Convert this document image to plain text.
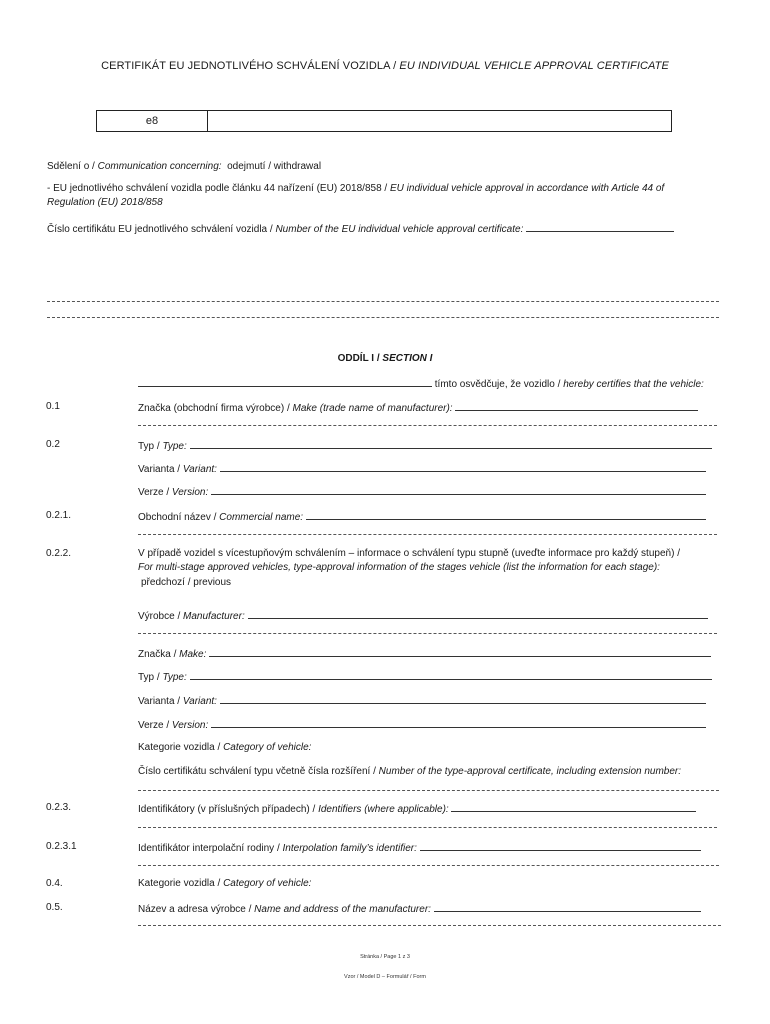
CERTIFIKÁT EU JEDNOTLIVÉHO SCHVÁLENÍ VOZIDLA / EU INDIVIDUAL VEHICLE APPROVAL CERTIFICATE
e8
Sdělení o / Communication concerning: odejmutí / withdrawal
- EU jednotlivého schválení vozidla podle článku 44 nařízení (EU) 2018/858 / EU individual vehicle approval in accordance with Article 44 of
Regulation (EU) 2018/858
Číslo certifikátu EU jednotlivého schválení vozidla / Number of the EU individual vehicle approval certificate:
ODDÍL I / SECTION I
tímto osvědčuje, že vozidlo / hereby certifies that the vehicle:
0.1	Značka (obchodní firma výrobce) / Make (trade name of manufacturer):
0.2	Typ / Type:
Varianta / Variant:
Verze / Version:
0.2.1.	Obchodní název / Commercial name:
0.2.2.	V případě vozidel s vícestupňovým schválením – informace o schválení typu stupně (uveďte informace pro každý stupeň) /
For multi-stage approved vehicles, type-approval information of the stages vehicle (list the information for each stage):
předchozí / previous
Výrobce / Manufacturer:
Značka / Make:
Typ / Type:
Varianta / Variant:
Verze / Version:
Kategorie vozidla / Category of vehicle:
Číslo certifikátu schválení typu včetně čísla rozšíření / Number of the type-approval certificate, including extension number:
0.2.3.	Identifikátory (v příslušných případech) / Identifiers (where applicable):
0.2.3.1	Identifikátor interpolační rodiny / Interpolation family’s identifier:
0.4.	Kategorie vozidla / Category of vehicle:
0.5.	Název a adresa výrobce / Name and address of the manufacturer:
Stránka / Page 1 z 3
Vzor / Model D – Formulář / Form
